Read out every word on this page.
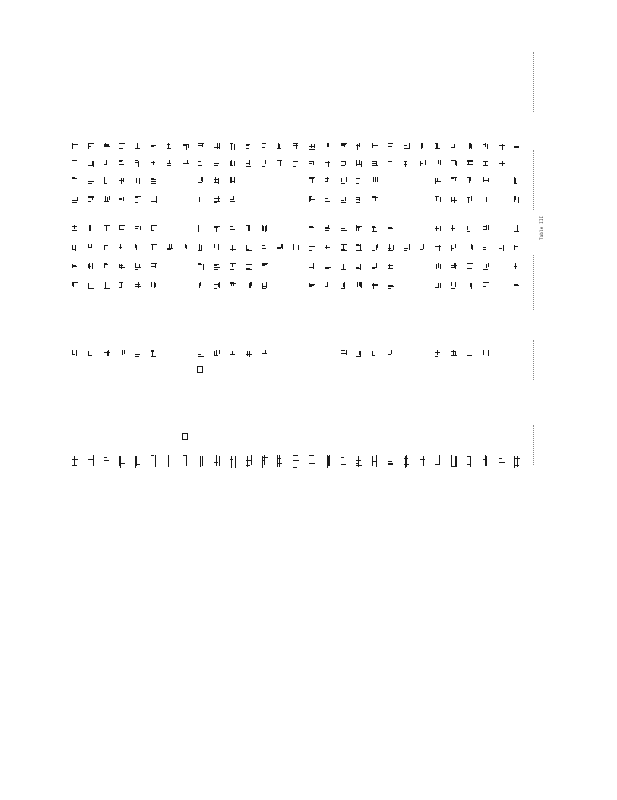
Table III
